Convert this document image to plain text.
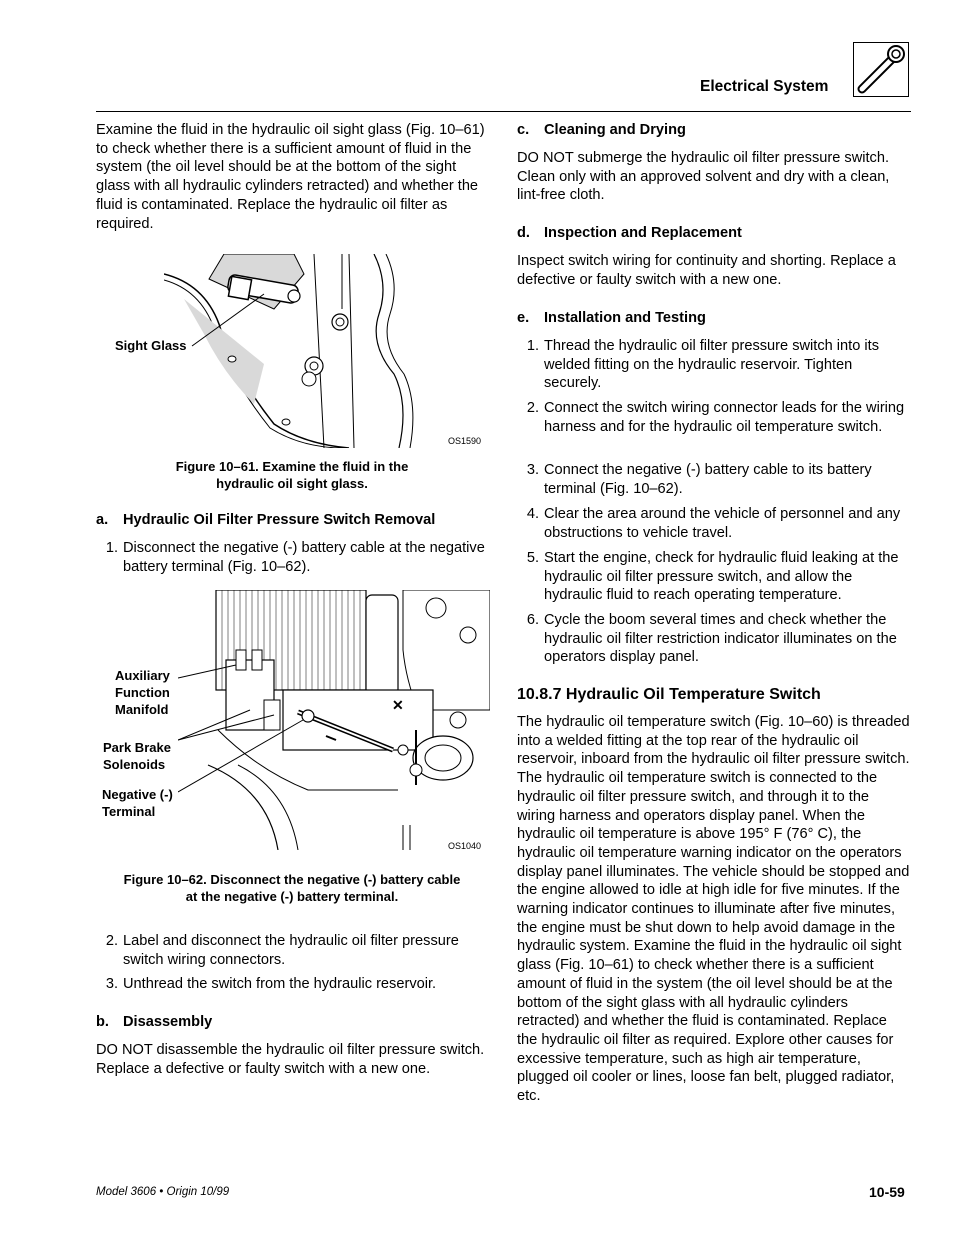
Electrical System

Examine the fluid in the hydraulic oil sight glass (Fig. 10–61) to check whether there is a sufficient amount of fluid in the system (the oil level should be at the bottom of the sight glass with all hydraulic cylinders retracted) and whether the fluid is contaminated. Replace the hydraulic oil filter as required.

Sight Glass
OS1590
Figure 10–61. Examine the fluid in the
hydraulic oil sight glass.
a. Hydraulic Oil Filter Pressure Switch Removal
1. Disconnect the negative (-) battery cable at the negative battery terminal (Fig. 10–62).
✕
Auxiliary
Function
Manifold
Park Brake
Solenoids
Negative (-)
Terminal
OS1040
Figure 10–62. Disconnect the negative (-) battery cable
at the negative (-) battery terminal.
2. Label and disconnect the hydraulic oil filter pressure switch wiring connectors.
3. Unthread the switch from the hydraulic reservoir.
b. Disassembly

DO NOT disassemble the hydraulic oil filter pressure switch. Replace a defective or faulty switch with a new one.

c. Cleaning and Drying

DO NOT submerge the hydraulic oil filter pressure switch. Clean only with an approved solvent and dry with a clean, lint-free cloth.

d. Inspection and Replacement

Inspect switch wiring for continuity and shorting. Replace a defective or faulty switch with a new one.

e. Installation and Testing
1. Thread the hydraulic oil filter pressure switch into its welded fitting on the hydraulic reservoir. Tighten securely.
2. Connect the switch wiring connector leads for the wiring harness and for the hydraulic oil temperature switch.
3. Connect the negative (-) battery cable to its battery terminal (Fig. 10–62).
4. Clear the area around the vehicle of personnel and any obstructions to vehicle travel.
5. Start the engine, check for hydraulic fluid leaking at the hydraulic oil filter pressure switch, and allow the hydraulic fluid to reach operating temperature.
6. Cycle the boom several times and check whether the hydraulic oil filter restriction indicator illuminates on the operators display panel.
10.8.7 Hydraulic Oil Temperature Switch

The hydraulic oil temperature switch (Fig. 10–60) is threaded into a welded fitting at the top rear of the hydraulic oil reservoir, inboard from the hydraulic oil filter pressure switch. The hydraulic oil temperature switch is connected to the hydraulic oil filter pressure switch, and through it to the wiring harness and operators display panel. When the hydraulic oil temperature is above 195° F (76° C), the hydraulic oil temperature warning indicator on the operators display panel illuminates. The vehicle should be stopped and the engine allowed to idle at high idle for five minutes. If the warning indicator continues to illuminate after five minutes, the engine must be shut down to help avoid damage in the hydraulic system. Examine the fluid in the hydraulic oil sight glass (Fig. 10–61) to check whether there is a sufficient amount of fluid in the system (the oil level should be at the bottom of the sight glass with all hydraulic cylinders retracted) and whether the fluid is contaminated. Replace the hydraulic oil filter as required. Explore other causes for excessive temperature, such as high air temperature, plugged oil cooler or lines, loose fan belt, plugged radiator, etc.

Model 3606 • Origin 10/99	10-59
